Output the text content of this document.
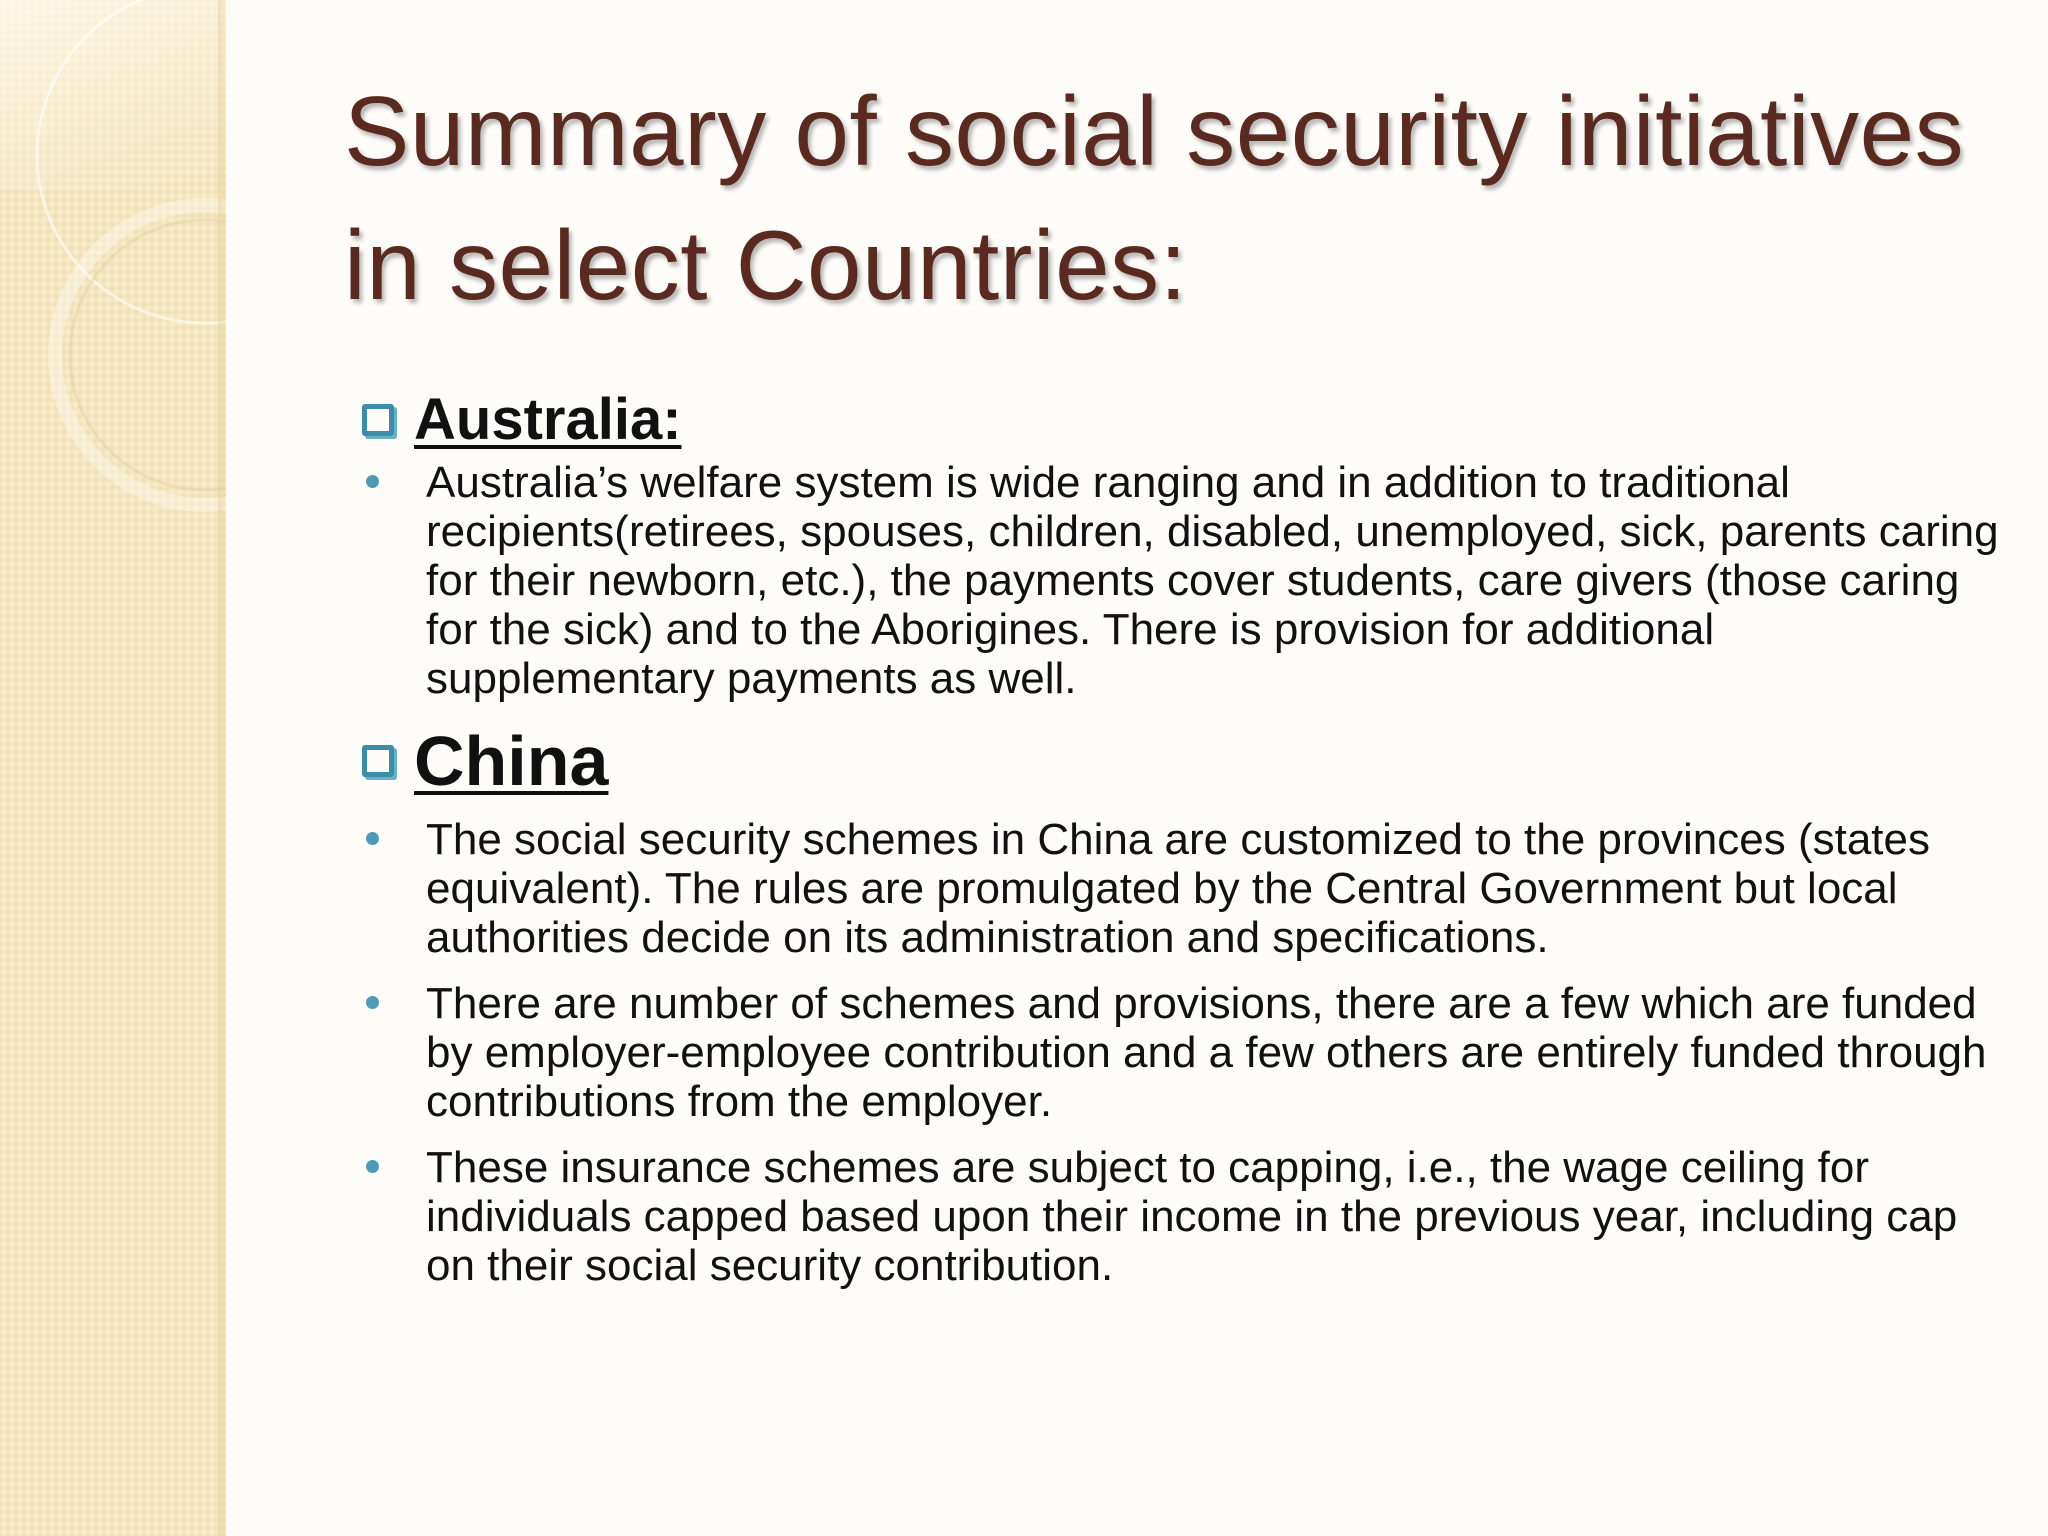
Summary of social security initiatives in select Countries:
Australia:
Australia’s welfare system is wide ranging and in addition to traditional recipients(retirees, spouses, children, disabled, unemployed, sick, parents caring for their newborn, etc.), the payments cover students, care givers (those caring for the sick) and to the Aborigines. There is provision for additional supplementary payments as well.
China
The social security schemes in China are customized to the provinces (states equivalent). The rules are promulgated by the Central Government but local authorities decide on its administration and specifications.
There are number of schemes and provisions, there are a few which are funded by employer-employee contribution and a few others are entirely funded through contributions from the employer.
These insurance schemes are subject to capping, i.e., the wage ceiling for individuals capped based upon their income in the previous year, including cap on their social security contribution.
